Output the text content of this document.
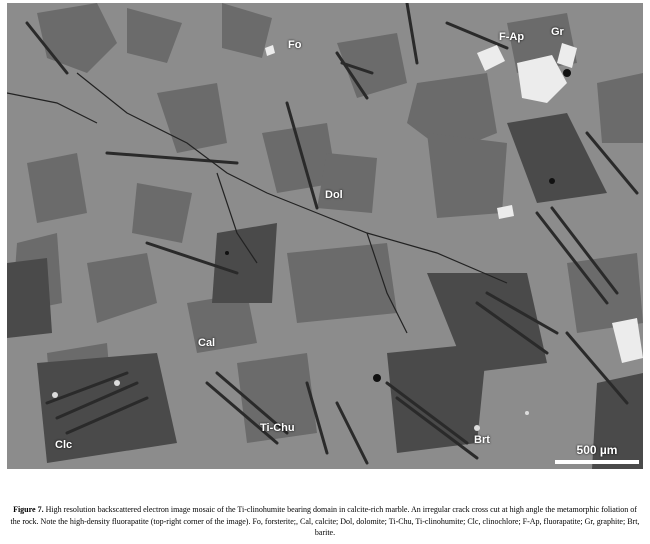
Fo
F-Ap Gr
Dol
Cal
Ti-Chu
Clc	Brt
500 µm
Figure 7. High resolution backscattered electron image mosaic of the Ti-clinohumite bearing domain in calcite-rich marble. An irregular crack cross cut at high angle the metamorphic foliation of the rock. Note the high-density fluorapatite (top-right corner of the image). Fo, forsterite;, Cal, calcite; Dol, dolomite; Ti-Chu, Ti-clinohumite; Clc, clinochlore; F-Ap, fluorapatite; Gr, graphite; Brt, barite.
